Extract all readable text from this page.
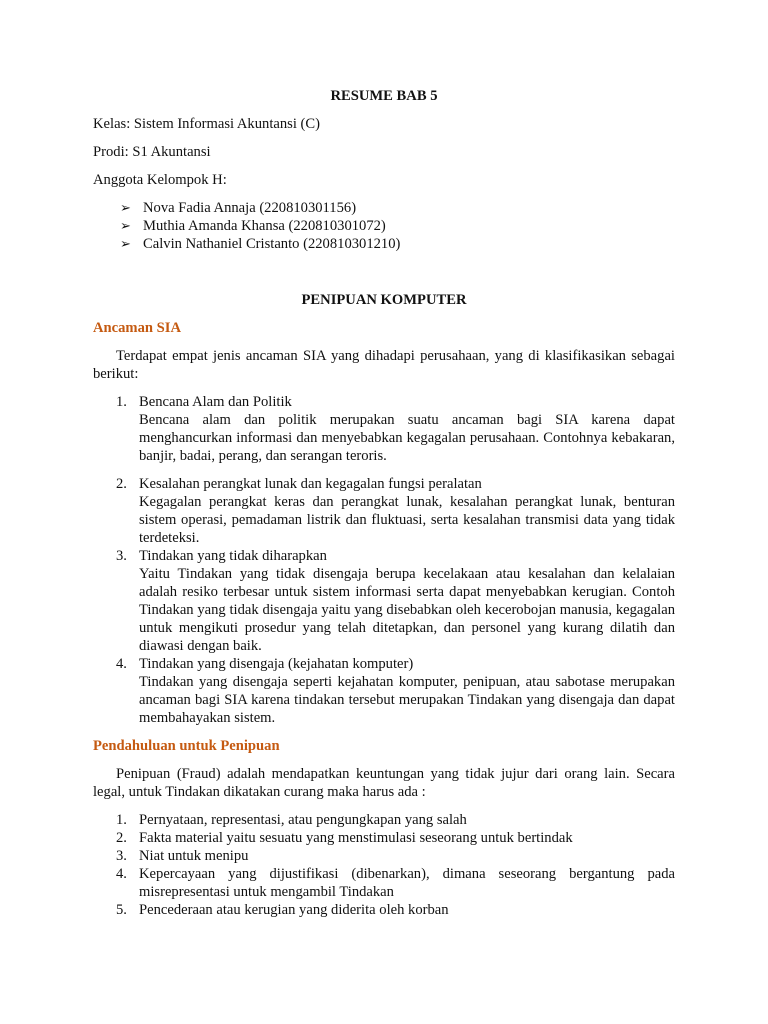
RESUME BAB 5

Kelas: Sistem Informasi Akuntansi (C)

Prodi: S1 Akuntansi

Anggota Kelompok H:

➢ Nova Fadia Annaja (220810301156)
➢ Muthia Amanda Khansa (220810301072)
➢ Calvin Nathaniel Cristanto (220810301210)

PENIPUAN KOMPUTER

Ancaman SIA

Terdapat empat jenis ancaman SIA yang dihadapi perusahaan, yang di klasifikasikan sebagai berikut:

1. Bencana Alam dan Politik

Bencana alam dan politik merupakan suatu ancaman bagi SIA karena dapat menghancurkan informasi dan menyebabkan kegagalan perusahaan. Contohnya kebakaran, banjir, badai, perang, dan serangan teroris.

2. Kesalahan perangkat lunak dan kegagalan fungsi peralatan

Kegagalan perangkat keras dan perangkat lunak, kesalahan perangkat lunak, benturan sistem operasi, pemadaman listrik dan fluktuasi, serta kesalahan transmisi data yang tidak terdeteksi.

3. Tindakan yang tidak diharapkan

Yaitu Tindakan yang tidak disengaja berupa kecelakaan atau kesalahan dan kelalaian adalah resiko terbesar untuk sistem informasi serta dapat menyebabkan kerugian. Contoh Tindakan yang tidak disengaja yaitu yang disebabkan oleh kecerobojan manusia, kegagalan untuk mengikuti prosedur yang telah ditetapkan, dan personel yang kurang dilatih dan diawasi dengan baik.

4. Tindakan yang disengaja (kejahatan komputer)

Tindakan yang disengaja seperti kejahatan komputer, penipuan, atau sabotase merupakan ancaman bagi SIA karena tindakan tersebut merupakan Tindakan yang disengaja dan dapat membahayakan sistem.

Pendahuluan untuk Penipuan

Penipuan (Fraud) adalah mendapatkan keuntungan yang tidak jujur dari orang lain. Secara legal, untuk Tindakan dikatakan curang maka harus ada :

1. Pernyataan, representasi, atau pengungkapan yang salah
2. Fakta material yaitu sesuatu yang menstimulasi seseorang untuk bertindak
3. Niat untuk menipu
4. Kepercayaan yang dijustifikasi (dibenarkan), dimana seseorang bergantung pada misrepresentasi untuk mengambil Tindakan
5. Pencederaan atau kerugian yang diderita oleh korban
